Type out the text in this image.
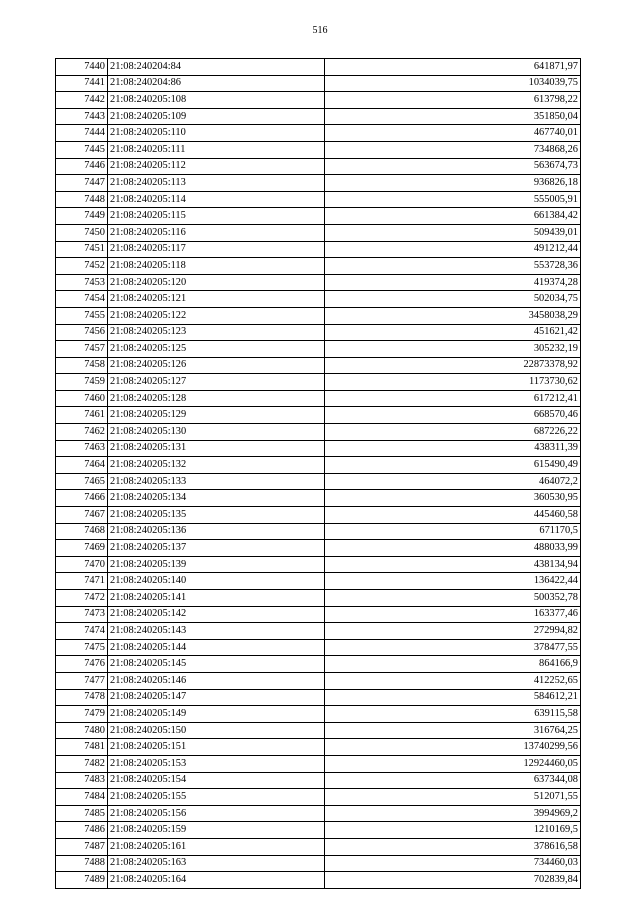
516
7440	21:08:240204:84	641871,97
7441	21:08:240204:86	1034039,75
7442	21:08:240205:108	613798,22
7443	21:08:240205:109	351850,04
7444	21:08:240205:110	467740,01
7445	21:08:240205:111	734868,26
7446	21:08:240205:112	563674,73
7447	21:08:240205:113	936826,18
7448	21:08:240205:114	555005,91
7449	21:08:240205:115	661384,42
7450	21:08:240205:116	509439,01
7451	21:08:240205:117	491212,44
7452	21:08:240205:118	553728,36
7453	21:08:240205:120	419374,28
7454	21:08:240205:121	502034,75
7455	21:08:240205:122	3458038,29
7456	21:08:240205:123	451621,42
7457	21:08:240205:125	305232,19
7458	21:08:240205:126	22873378,92
7459	21:08:240205:127	1173730,62
7460	21:08:240205:128	617212,41
7461	21:08:240205:129	668570,46
7462	21:08:240205:130	687226,22
7463	21:08:240205:131	438311,39
7464	21:08:240205:132	615490,49
7465	21:08:240205:133	464072,2
7466	21:08:240205:134	360530,95
7467	21:08:240205:135	445460,58
7468	21:08:240205:136	671170,5
7469	21:08:240205:137	488033,99
7470	21:08:240205:139	438134,94
7471	21:08:240205:140	136422,44
7472	21:08:240205:141	500352,78
7473	21:08:240205:142	163377,46
7474	21:08:240205:143	272994,82
7475	21:08:240205:144	378477,55
7476	21:08:240205:145	864166,9
7477	21:08:240205:146	412252,65
7478	21:08:240205:147	584612,21
7479	21:08:240205:149	639115,58
7480	21:08:240205:150	316764,25
7481	21:08:240205:151	13740299,56
7482	21:08:240205:153	12924460,05
7483	21:08:240205:154	637344,08
7484	21:08:240205:155	512071,55
7485	21:08:240205:156	3994969,2
7486	21:08:240205:159	1210169,5
7487	21:08:240205:161	378616,58
7488	21:08:240205:163	734460,03
7489	21:08:240205:164	702839,84
